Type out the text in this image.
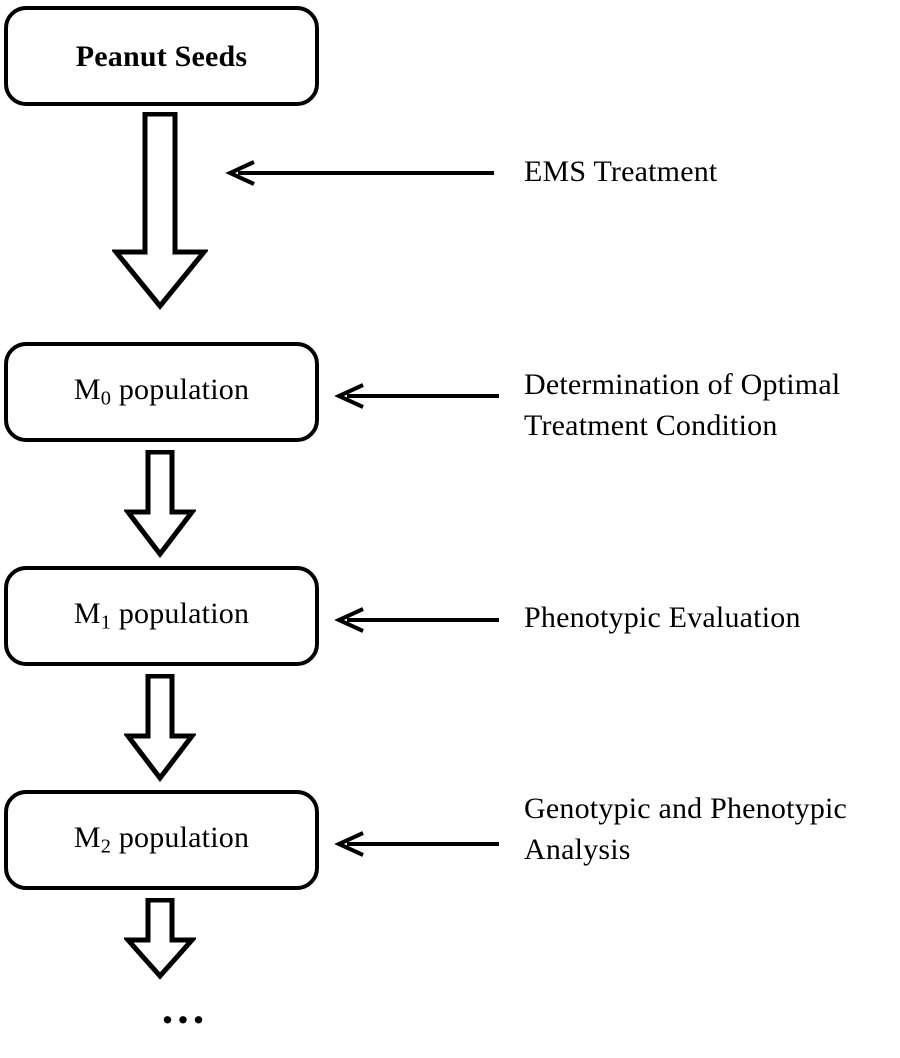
Peanut Seeds
EMS Treatment
$M_0$ population	Determination of Optimal Treatment Condition
$M_1$ population	Phenotypic Evaluation
$M_2$ population
Genotypic and Phenotypic Analysis
...
